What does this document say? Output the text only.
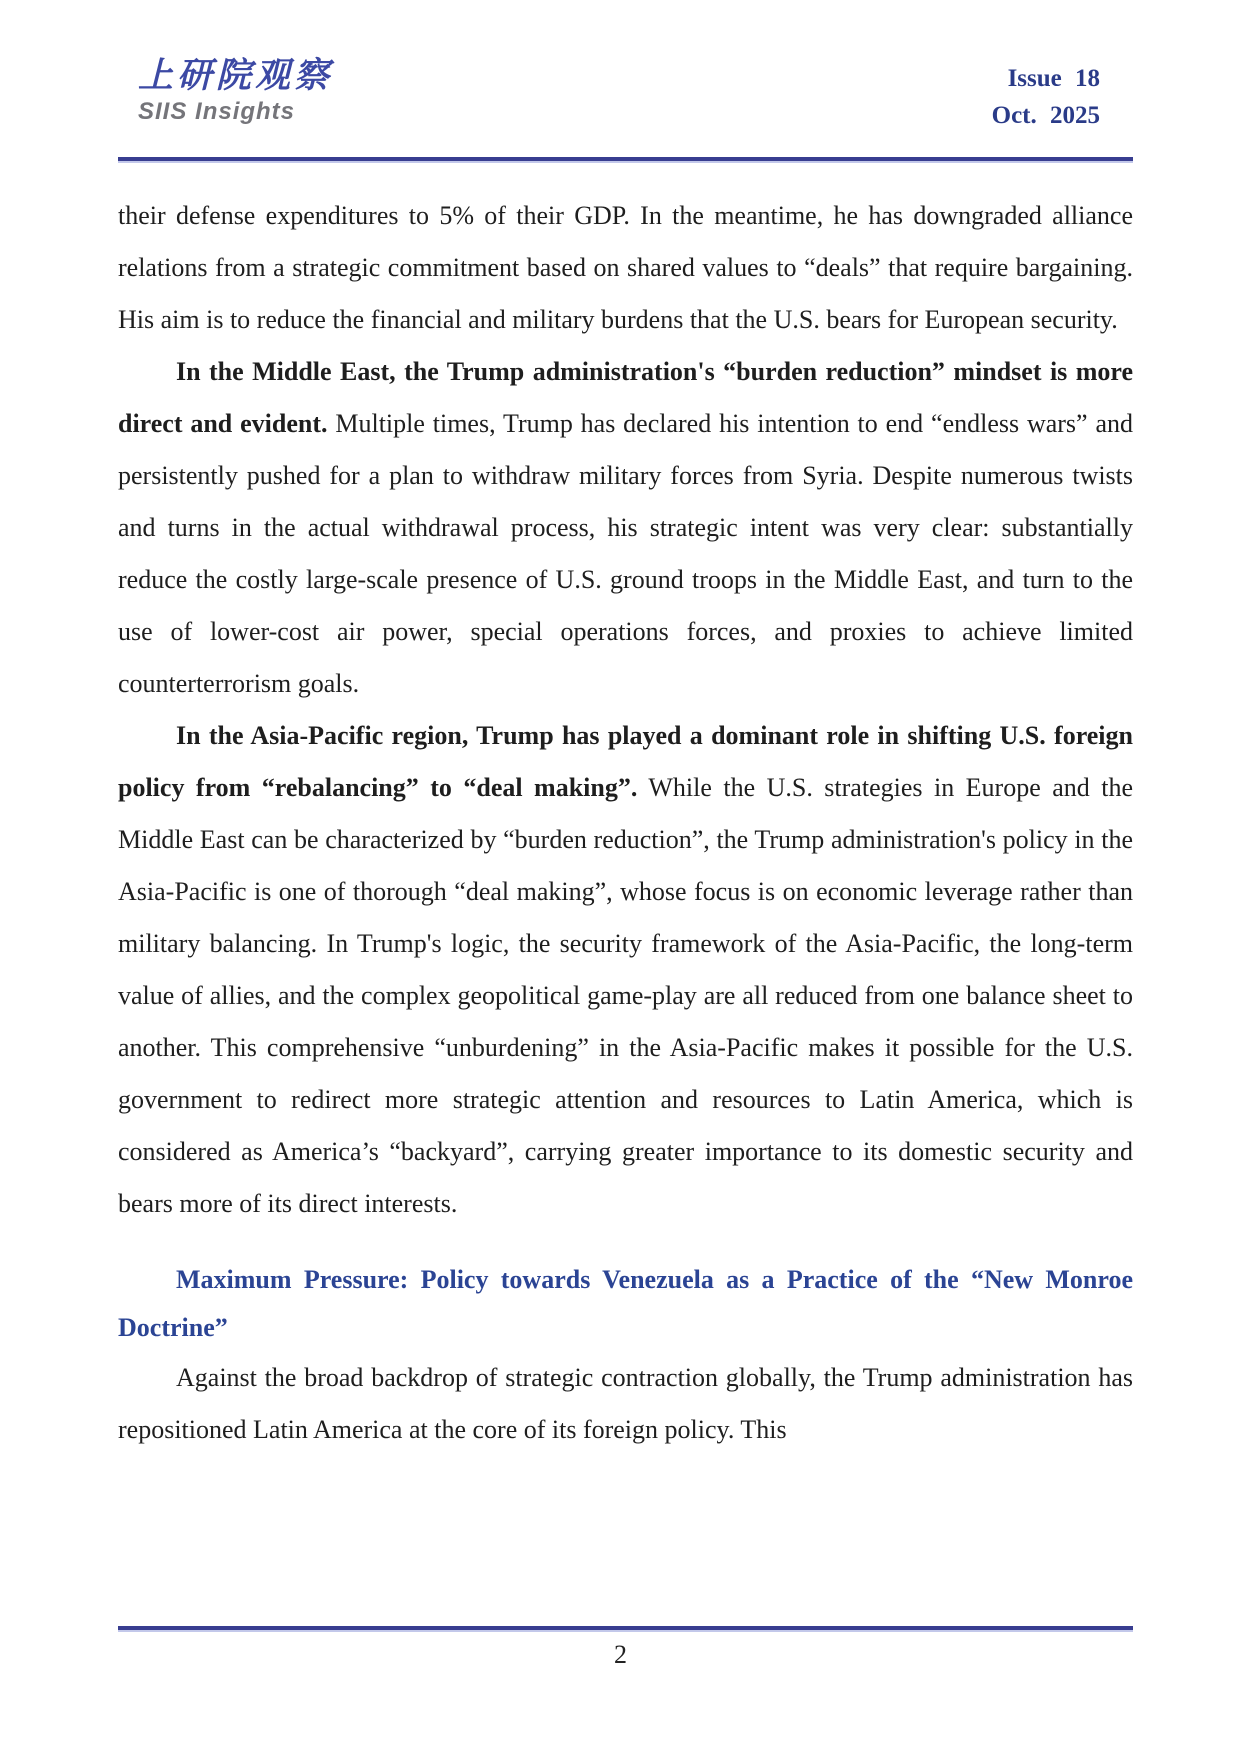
上研院观察
SIIS Insights
Issue 18
Oct. 2025

their defense expenditures to 5% of their GDP. In the meantime, he has downgraded alliance relations from a strategic commitment based on shared values to “deals” that require bargaining. His aim is to reduce the financial and military burdens that the U.S. bears for European security.

In the Middle East, the Trump administration's “burden reduction” mindset is more direct and evident. Multiple times, Trump has declared his intention to end “endless wars” and persistently pushed for a plan to withdraw military forces from Syria. Despite numerous twists and turns in the actual withdrawal process, his strategic intent was very clear: substantially reduce the costly large-scale presence of U.S. ground troops in the Middle East, and turn to the use of lower-cost air power, special operations forces, and proxies to achieve limited counterterrorism goals.

In the Asia-Pacific region, Trump has played a dominant role in shifting U.S. foreign policy from “rebalancing” to “deal making”. While the U.S. strategies in Europe and the Middle East can be characterized by “burden reduction”, the Trump administration's policy in the Asia-Pacific is one of thorough “deal making”, whose focus is on economic leverage rather than military balancing. In Trump's logic, the security framework of the Asia-Pacific, the long-term value of allies, and the complex geopolitical game-play are all reduced from one balance sheet to another. This comprehensive “unburdening” in the Asia-Pacific makes it possible for the U.S. government to redirect more strategic attention and resources to Latin America, which is considered as America’s “backyard”, carrying greater importance to its domestic security and bears more of its direct interests.

Maximum Pressure: Policy towards Venezuela as a Practice of the “New Monroe Doctrine”

Against the broad backdrop of strategic contraction globally, the Trump administration has repositioned Latin America at the core of its foreign policy. This

2
